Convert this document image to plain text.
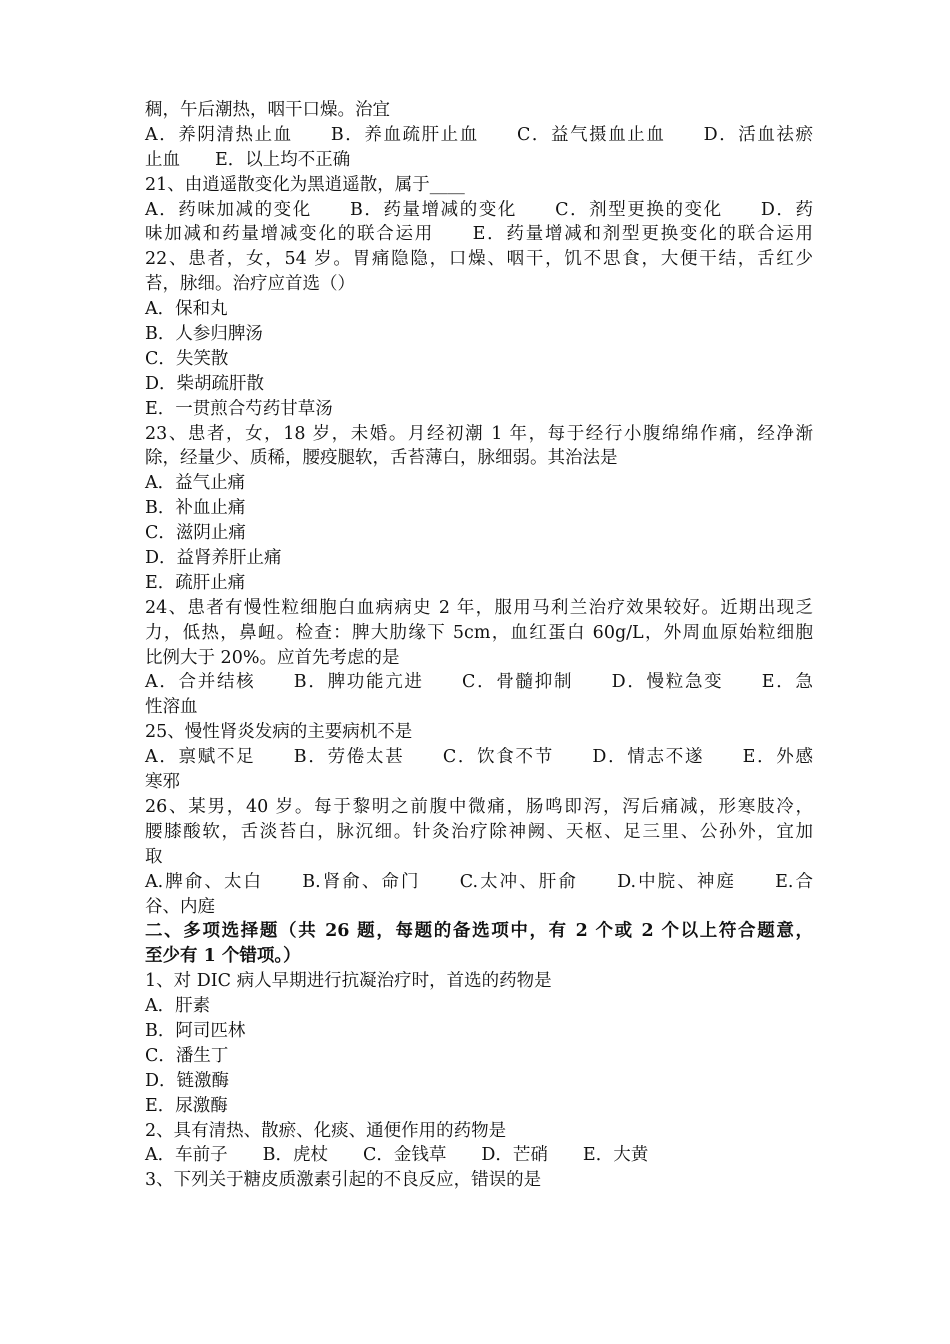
稠，午后潮热，咽干口燥。治宜

A．养阴清热止血　　B．养血疏肝止血　　C．益气摄血止血　　D．活血祛瘀

止血　　E．以上均不正确

21、由逍遥散变化为黑逍遥散，属于____

A．药味加减的变化　　B．药量增减的变化　　C．剂型更换的变化　　D．药

味加减和药量增减变化的联合运用　　E．药量增减和剂型更换变化的联合运用

22、患者，女，54 岁。胃痛隐隐，口燥、咽干，饥不思食，大便干结，舌红少

苔，脉细。治疗应首选（）

A．保和丸

B．人参归脾汤

C．失笑散

D．柴胡疏肝散

E．一贯煎合芍药甘草汤

23、患者，女，18 岁，未婚。月经初潮 1 年，每于经行小腹绵绵作痛，经净渐

除，经量少、质稀，腰疫腿软，舌苔薄白，脉细弱。其治法是

A．益气止痛

B．补血止痛

C．滋阴止痛

D．益肾养肝止痛

E．疏肝止痛

24、患者有慢性粒细胞白血病病史 2 年，服用马利兰治疗效果较好。近期出现乏

力，低热，鼻衄。检查：脾大肋缘下 5cm，血红蛋白 60g/L，外周血原始粒细胞

比例大于 20%。应首先考虑的是

A．合并结核　　B．脾功能亢进　　C．骨髓抑制　　D．慢粒急变　　E．急

性溶血

25、慢性肾炎发病的主要病机不是

A．禀赋不足　　B．劳倦太甚　　C．饮食不节　　D．情志不遂　　E．外感

寒邪

26、某男，40 岁。每于黎明之前腹中微痛，肠鸣即泻，泻后痛减，形寒肢冷，

腰膝酸软，舌淡苔白，脉沉细。针灸治疗除神阙、天枢、足三里、公孙外，宜加

取

A.脾俞、太白　　B.肾俞、命门　　C.太冲、肝俞　　D.中脘、神庭　　E.合

谷、内庭

二、多项选择题（共 26 题，每题的备选项中，有 2 个或 2 个以上符合题意，

至少有 1 个错项。）

1、对 DIC 病人早期进行抗凝治疗时，首选的药物是

A．肝素

B．阿司匹林

C．潘生丁

D．链激酶

E．尿激酶

2、具有清热、散瘀、化痰、通便作用的药物是

A．车前子　　B．虎杖　　C．金钱草　　D．芒硝　　E．大黄

3、下列关于糖皮质激素引起的不良反应，错误的是
